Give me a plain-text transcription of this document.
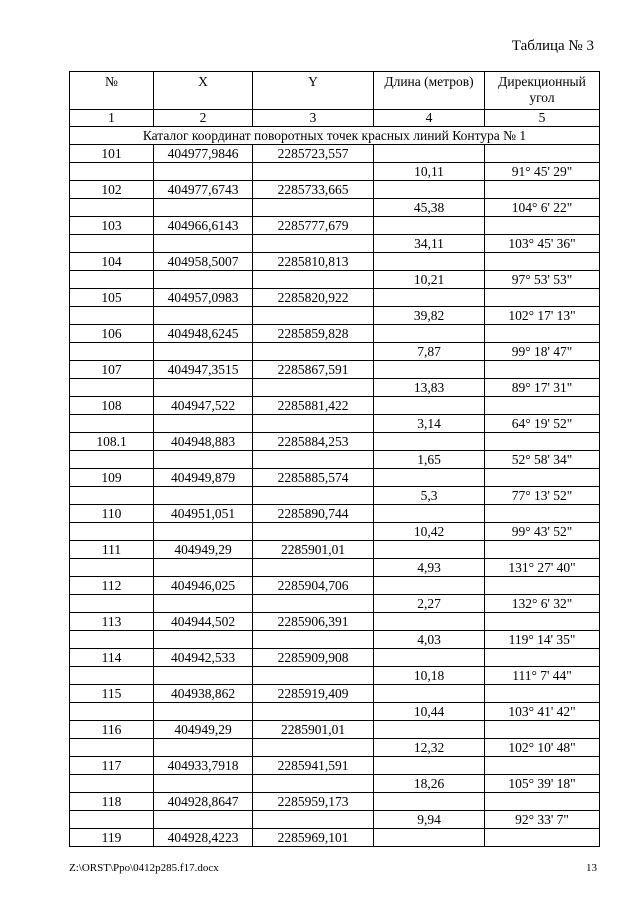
Таблица № 3
№	X	Y	Длина (метров)	Дирекционный угол
1	2	3	4	5
Каталог координат поворотных точек красных линий Контура № 1				
101	404977,9846	2285723,557		
			10,11	91° 45' 29"
102	404977,6743	2285733,665		
			45,38	104° 6' 22"
103	404966,6143	2285777,679		
			34,11	103° 45' 36"
104	404958,5007	2285810,813		
			10,21	97° 53' 53"
105	404957,0983	2285820,922		
			39,82	102° 17' 13"
106	404948,6245	2285859,828		
			7,87	99° 18' 47"
107	404947,3515	2285867,591		
			13,83	89° 17' 31"
108	404947,522	2285881,422		
			3,14	64° 19' 52"
108.1	404948,883	2285884,253		
			1,65	52° 58' 34"
109	404949,879	2285885,574		
			5,3	77° 13' 52"
110	404951,051	2285890,744		
			10,42	99° 43' 52"
111	404949,29	2285901,01		
			4,93	131° 27' 40"
112	404946,025	2285904,706		
			2,27	132° 6' 32"
113	404944,502	2285906,391		
			4,03	119° 14' 35"
114	404942,533	2285909,908		
			10,18	111° 7' 44"
115	404938,862	2285919,409		
			10,44	103° 41' 42"
116	404949,29	2285901,01		
			12,32	102° 10' 48"
117	404933,7918	2285941,591		
			18,26	105° 39' 18"
118	404928,8647	2285959,173		
			9,94	92° 33' 7"
119	404928,4223	2285969,101		
Z:\ORST\Ppo\0412p285.f17.docx	13
